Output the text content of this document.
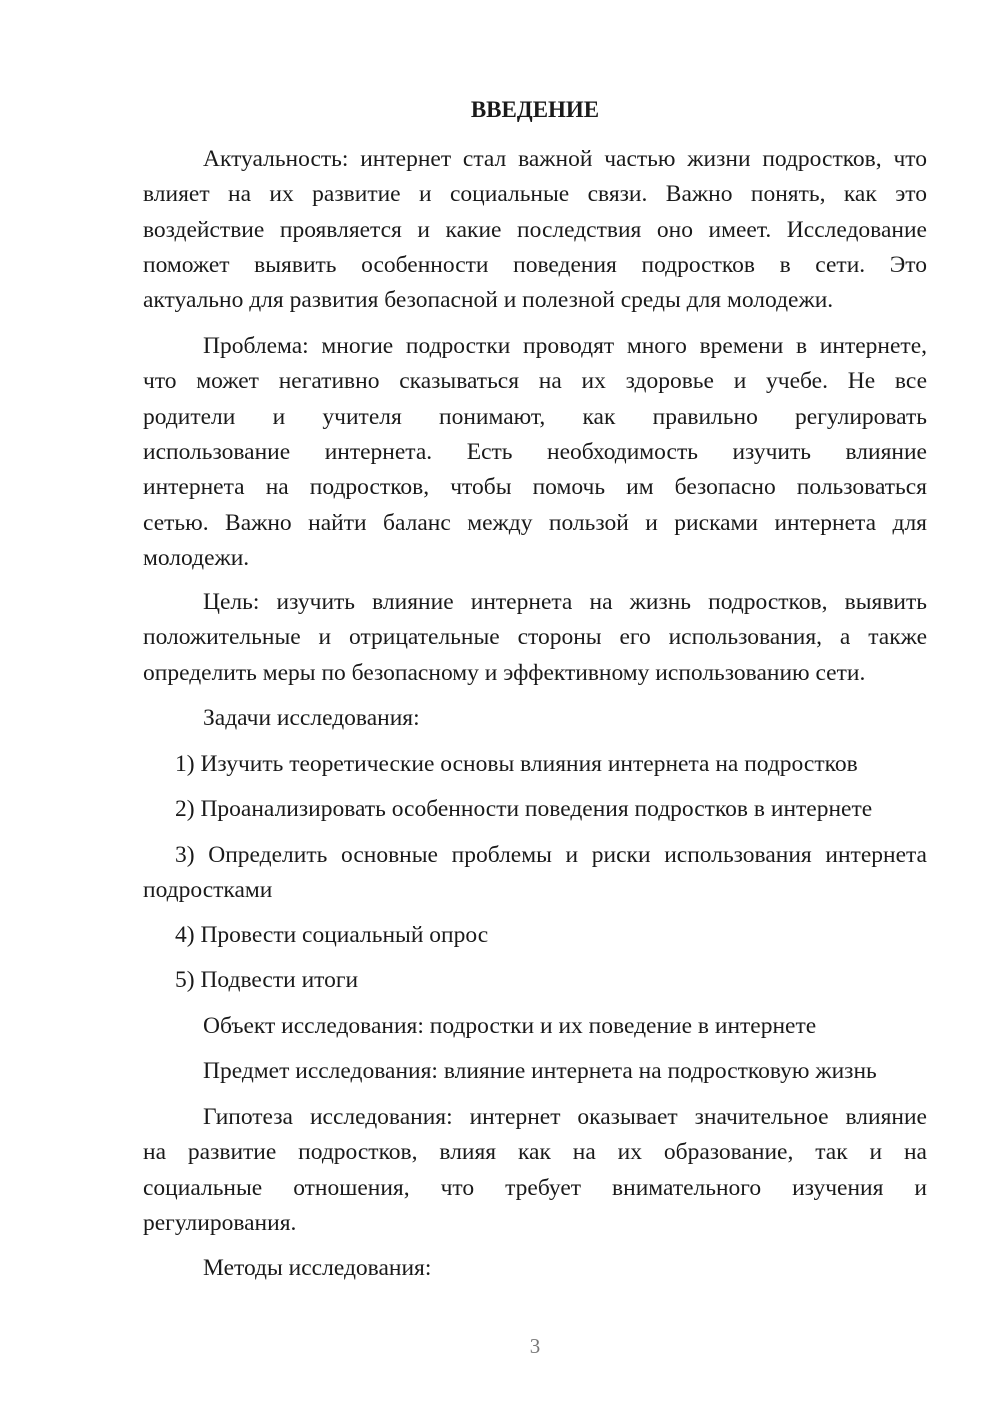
ВВЕДЕНИЕ
Актуальность: интернет стал важной частью жизни подростков, что
влияет на их развитие и социальные связи. Важно понять, как это
воздействие проявляется и какие последствия оно имеет. Исследование
поможет выявить особенности поведения подростков в сети. Это
актуально для развития безопасной и полезной среды для молодежи.
Проблема: многие подростки проводят много времени в интернете,
что может негативно сказываться на их здоровье и учебе. Не все
родители и учителя понимают, как правильно регулировать
использование интернета. Есть необходимость изучить влияние
интернета на подростков, чтобы помочь им безопасно пользоваться
сетью. Важно найти баланс между пользой и рисками интернета для
молодежи.
Цель: изучить влияние интернета на жизнь подростков, выявить
положительные и отрицательные стороны его использования, а также
определить меры по безопасному и эффективному использованию сети.
Задачи исследования:
1) Изучить теоретические основы влияния интернета на подростков
2) Проанализировать особенности поведения подростков в интернете
3) Определить основные проблемы и риски использования интернета
подростками
4) Провести социальный опрос
5) Подвести итоги
Объект исследования: подростки и их поведение в интернете
Предмет исследования: влияние интернета на подростковую жизнь
Гипотеза исследования: интернет оказывает значительное влияние
на развитие подростков, влияя как на их образование, так и на
социальные отношения, что требует внимательного изучения и
регулирования.
Методы исследования:
3
